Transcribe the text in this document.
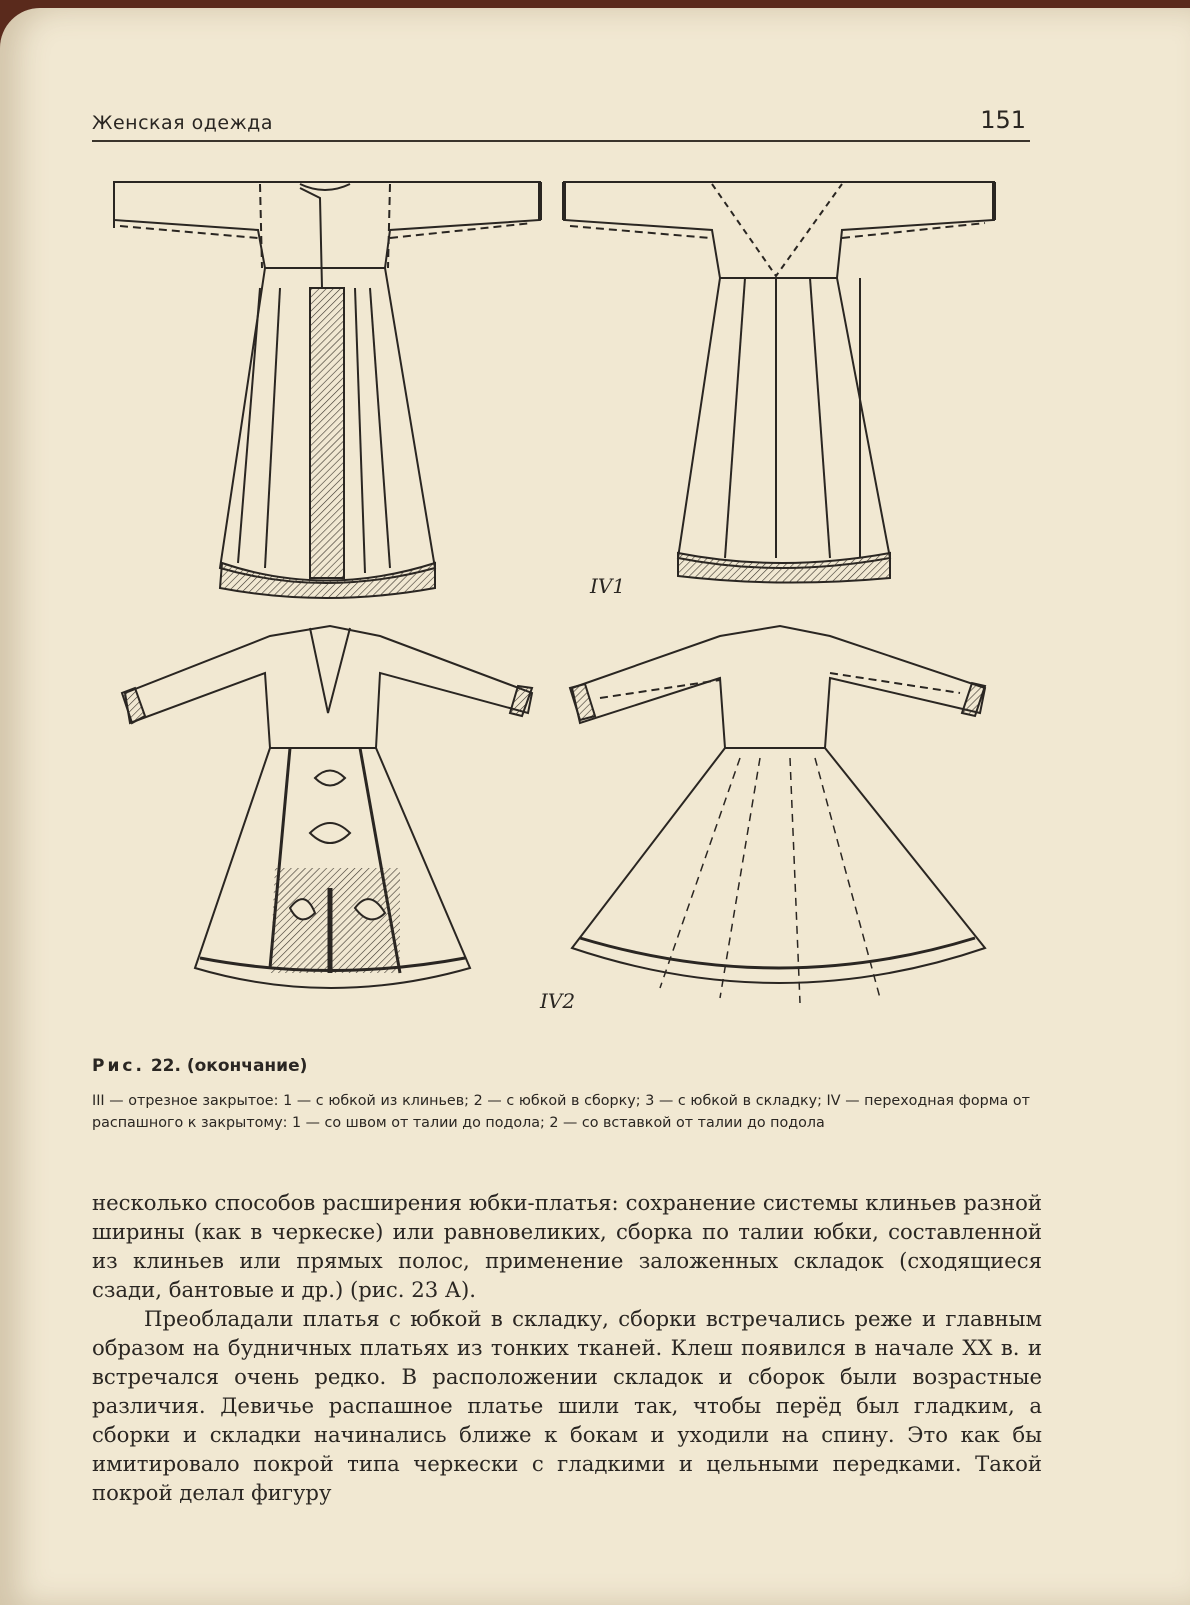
Женская одежда	151
IV1
IV2
Рис. 22. (окончание)
III — отрезное закрытое: 1 — с юбкой из клиньев; 2 — с юбкой в сборку; 3 — с юбкой в складку; IV — переходная форма от распашного к закрытому: 1 — со швом от талии до подола; 2 — со вставкой от талии до подола

несколько способов расширения юбки-платья: сохранение системы клиньев разной ширины (как в черкеске) или равновеликих, сборка по талии юбки, составленной из клиньев или прямых полос, применение заложенных складок (сходящиеся сзади, бантовые и др.) (рис. 23 А).

Преобладали платья с юбкой в складку, сборки встречались реже и главным образом на будничных платьях из тонких тканей. Клеш появился в начале XX в. и встречался очень редко. В расположении складок и сборок были возрастные различия. Девичье распашное платье шили так, чтобы перёд был гладким, а сборки и складки начинались ближе к бокам и уходили на спину. Это как бы имитировало покрой типа черкески с гладкими и цельными передками. Такой покрой делал фигуру
